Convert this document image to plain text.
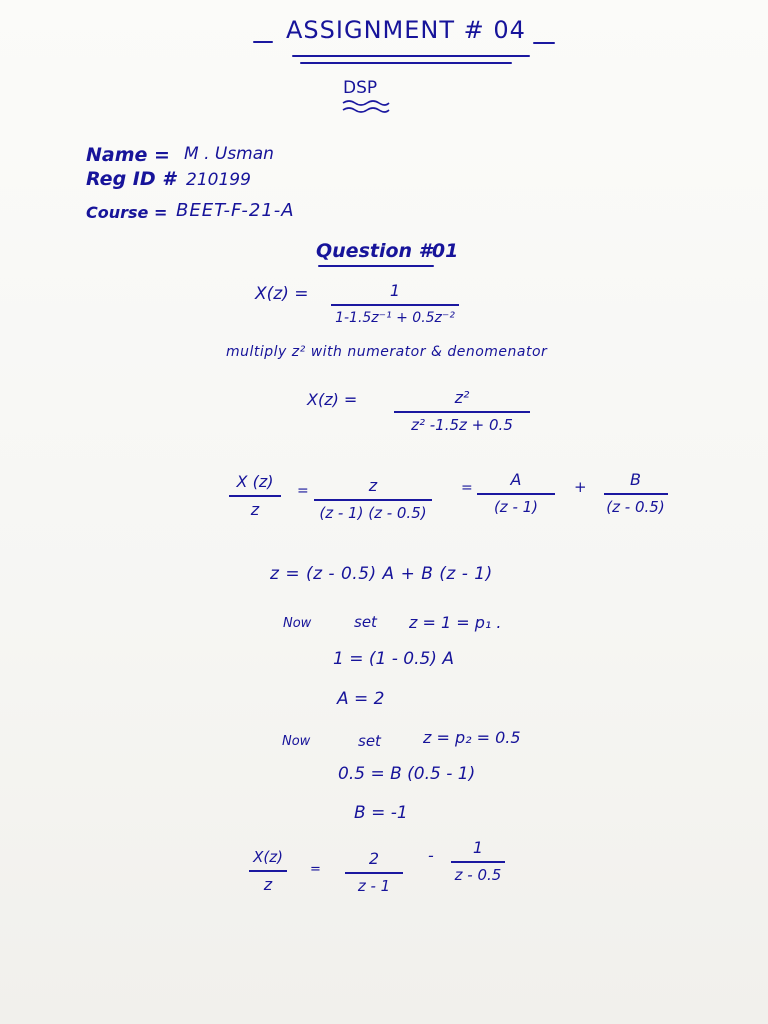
ASSIGNMENT # 04
DSP
Name = M . Usman
Reg ID # 210199
Course = BEET-F-21-A
Question #01
X(z) =	1
1-1.5z⁻¹ + 0.5z⁻²
multiply z² with numerator & denomenator
X(z) =	z²
z² -1.5z + 0.5
X (z)
z
=	z
(z - 1) (z - 0.5)
= A
(z - 1)
+	B
(z - 0.5)
z = (z - 0.5) A + B (z - 1)
Now	set z = 1 = p₁ .
1 = (1 - 0.5) A
A = 2
Now	set	z = p₂ = 0.5
0.5 = B (0.5 - 1)
B = -1
X(z)
z
=
2
z - 1
- 1
z - 0.5
